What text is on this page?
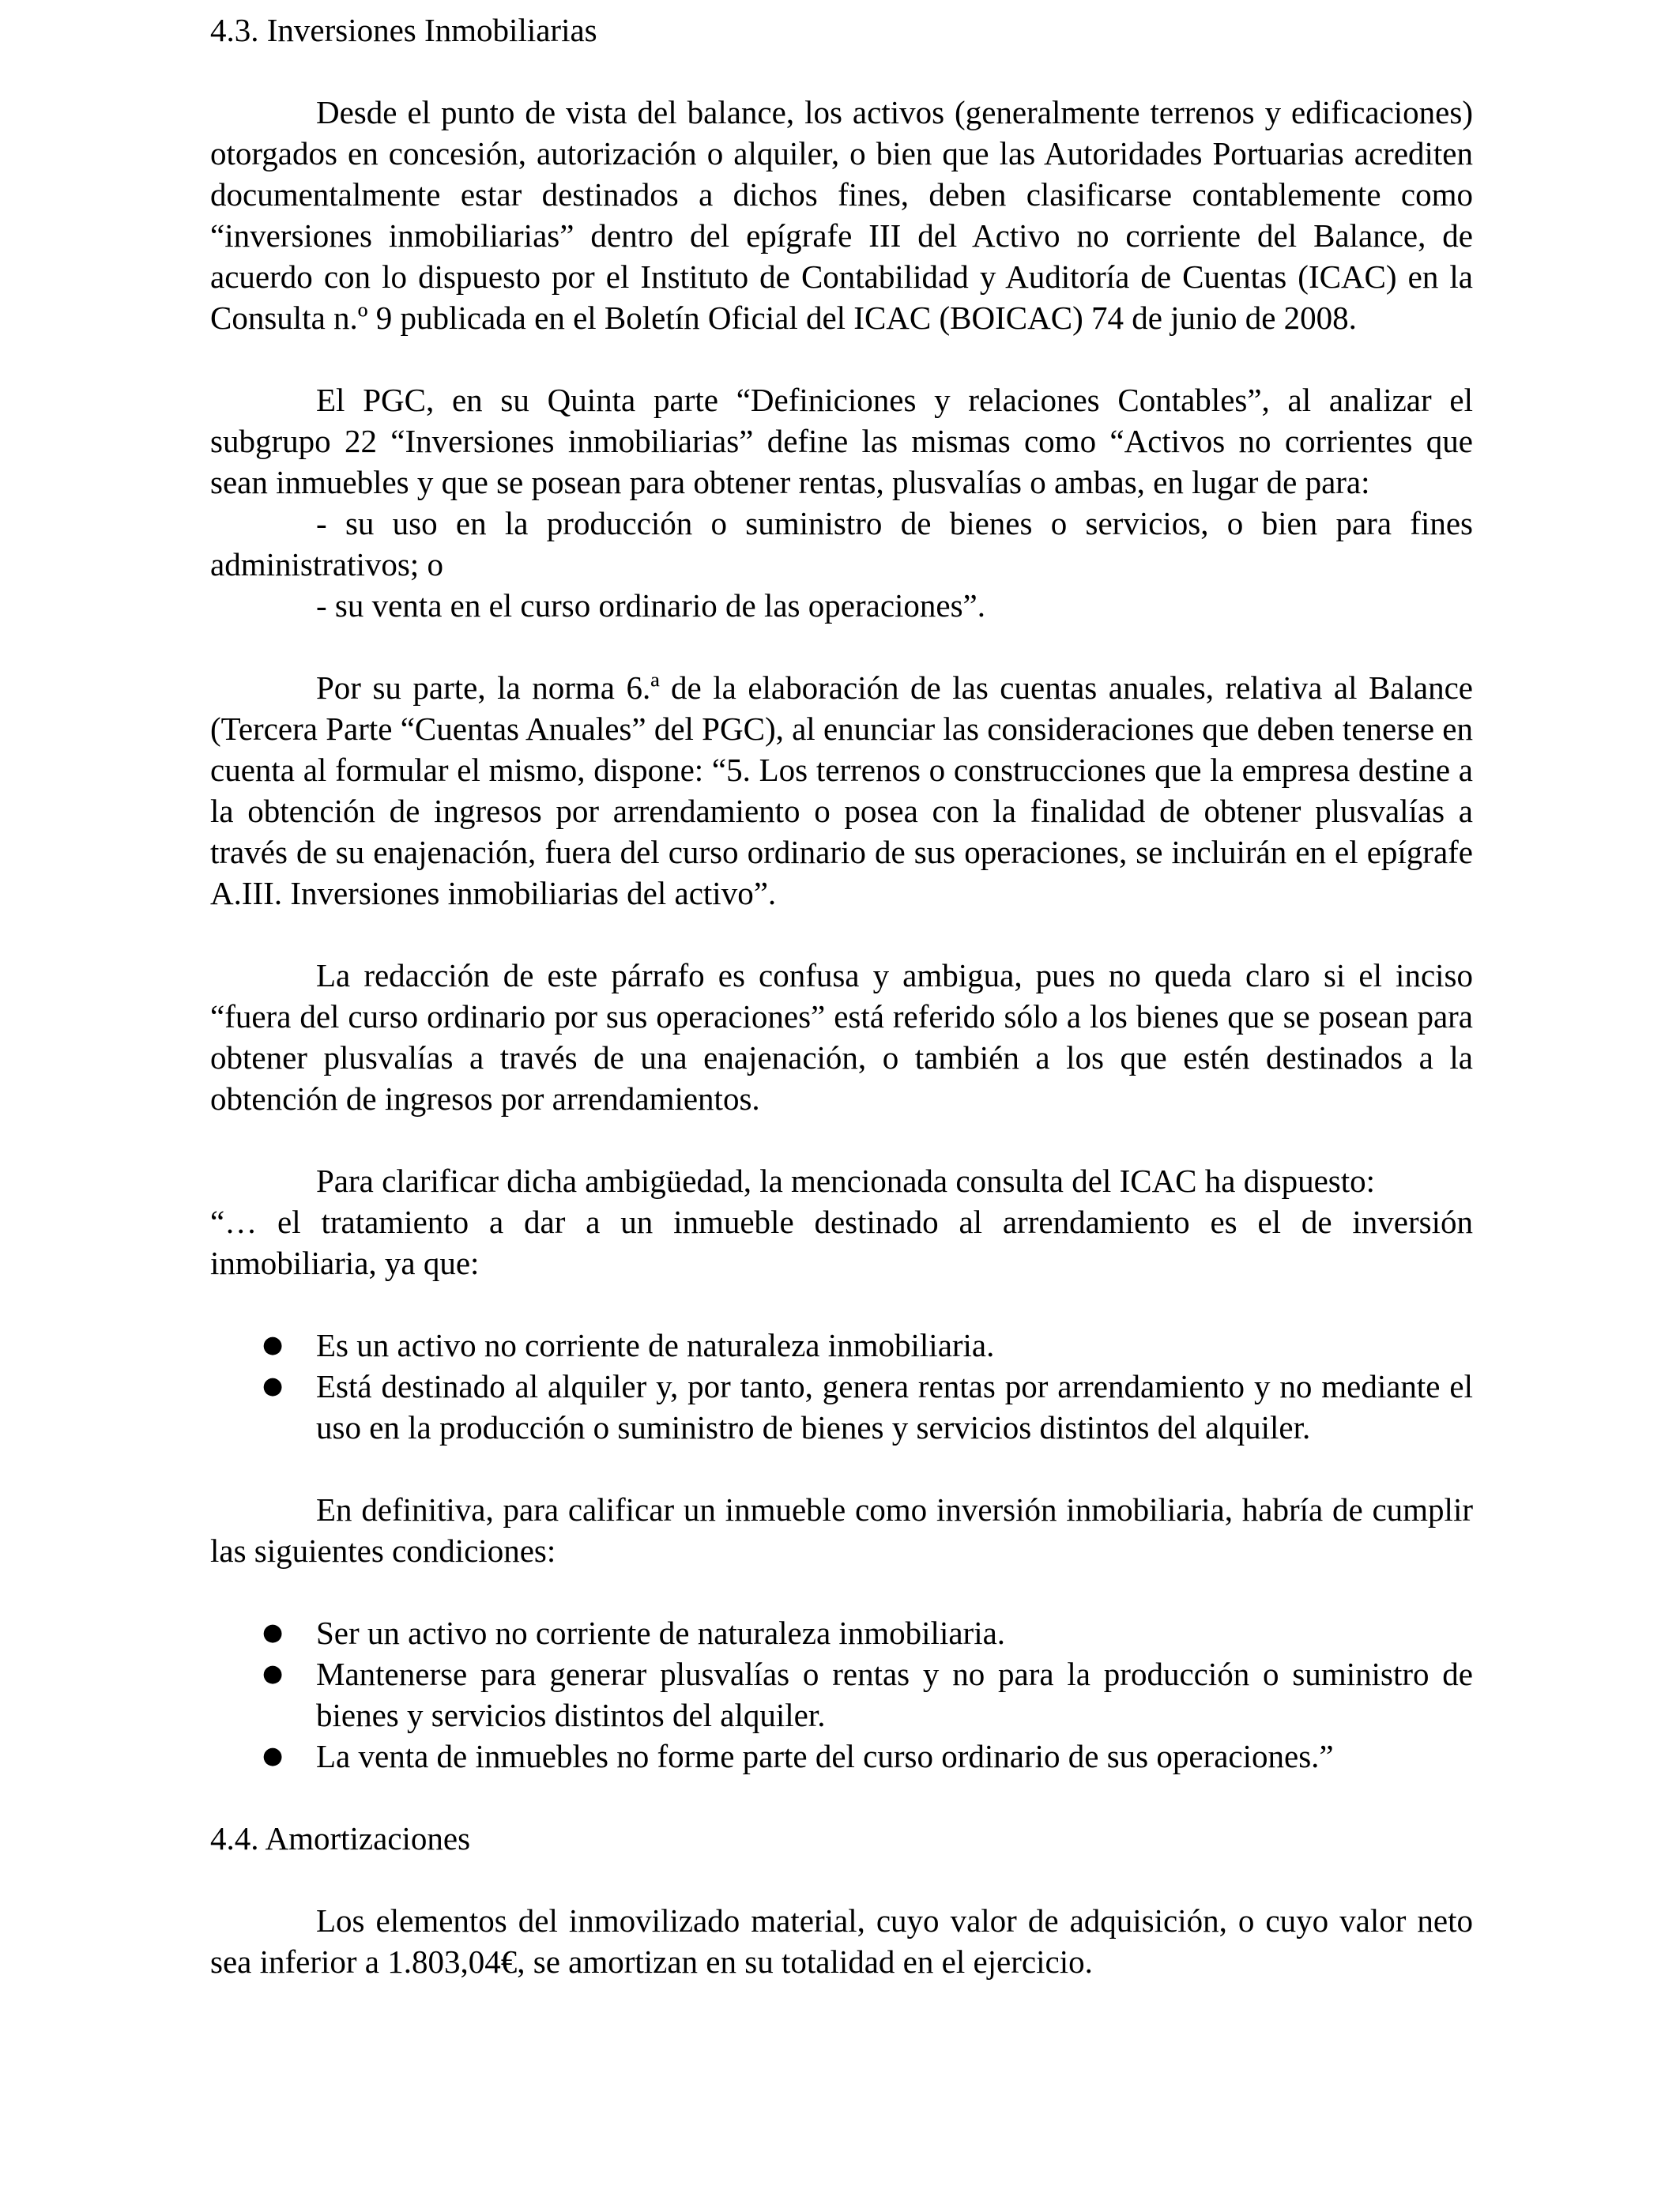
4.3. Inversiones Inmobiliarias

Desde el punto de vista del balance, los activos (generalmente terrenos y edificaciones) otorgados en concesión, autorización o alquiler, o bien que las Autoridades Portuarias acrediten documentalmente estar destinados a dichos fines, deben clasificarse contablemente como “inversiones inmobiliarias” dentro del epígrafe III del Activo no corriente del Balance, de acuerdo con lo dispuesto por el Instituto de Contabilidad y Auditoría de Cuentas (ICAC) en la Consulta n.º 9 publicada en el Boletín Oficial del ICAC (BOICAC) 74 de junio de 2008.

El PGC, en su Quinta parte “Definiciones y relaciones Contables”, al analizar el subgrupo 22 “Inversiones inmobiliarias” define las mismas como “Activos no corrientes que sean inmuebles y que se posean para obtener rentas, plusvalías o ambas, en lugar de para:

- su uso en la producción o suministro de bienes o servicios, o bien para fines administrativos; o

- su venta en el curso ordinario de las operaciones”.

Por su parte, la norma 6.ª de la elaboración de las cuentas anuales, relativa al Balance (Tercera Parte “Cuentas Anuales” del PGC), al enunciar las consideraciones que deben tenerse en cuenta al formular el mismo, dispone: “5. Los terrenos o construcciones que la empresa destine a la obtención de ingresos por arrendamiento o posea con la finalidad de obtener plusvalías a través de su enajenación, fuera del curso ordinario de sus operaciones, se incluirán en el epígrafe A.III. Inversiones inmobiliarias del activo”.

La redacción de este párrafo es confusa y ambigua, pues no queda claro si el inciso “fuera del curso ordinario por sus operaciones” está referido sólo a los bienes que se posean para obtener plusvalías a través de una enajenación, o también a los que estén destinados a la obtención de ingresos por arrendamientos.

Para clarificar dicha ambigüedad, la mencionada consulta del ICAC ha dispuesto:

“… el tratamiento a dar a un inmueble destinado al arrendamiento es el de inversión inmobiliaria, ya que:

● Es un activo no corriente de naturaleza inmobiliaria.
● Está destinado al alquiler y, por tanto, genera rentas por arrendamiento y no mediante el uso en la producción o suministro de bienes y servicios distintos del alquiler.

En definitiva, para calificar un inmueble como inversión inmobiliaria, habría de cumplir las siguientes condiciones:

● Ser un activo no corriente de naturaleza inmobiliaria.
● Mantenerse para generar plusvalías o rentas y no para la producción o suministro de bienes y servicios distintos del alquiler.
● La venta de inmuebles no forme parte del curso ordinario de sus operaciones.”

4.4. Amortizaciones

Los elementos del inmovilizado material, cuyo valor de adquisición, o cuyo valor neto sea inferior a 1.803,04€, se amortizan en su totalidad en el ejercicio.
